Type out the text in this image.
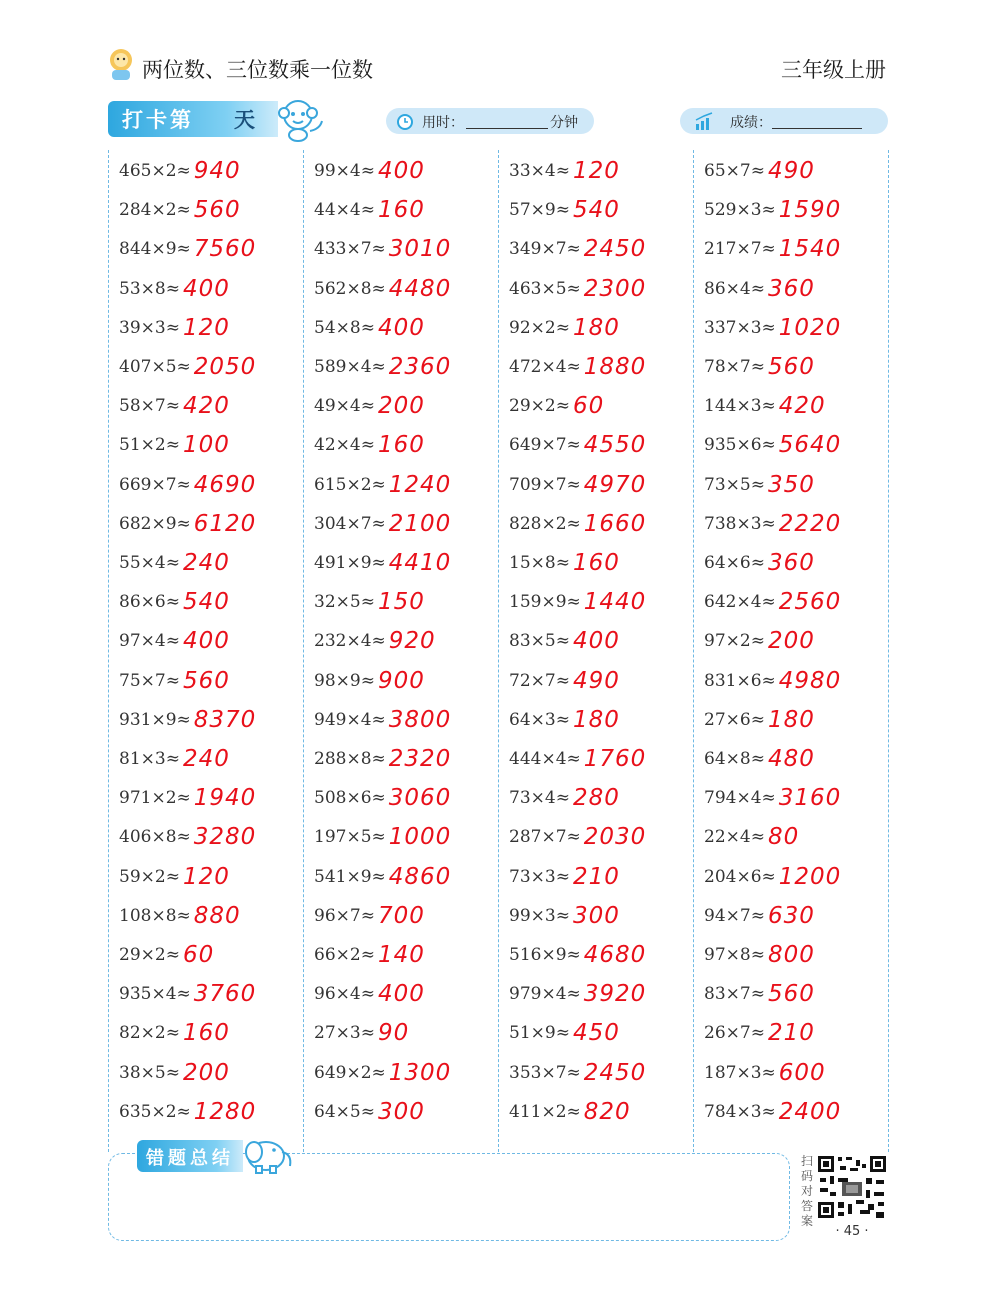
两位数、三位数乘一位数	三年级上册
打卡第 天	用时：	分钟	成绩：
465×2≈ 940
284×2≈ 560
844×9≈ 7560
53×8≈ 400
39×3≈ 120
407×5≈ 2050
58×7≈ 420
51×2≈ 100
669×7≈ 4690
682×9≈ 6120
55×4≈ 240
86×6≈ 540
97×4≈ 400
75×7≈ 560
931×9≈ 8370
81×3≈ 240
971×2≈ 1940
406×8≈ 3280
59×2≈ 120
108×8≈ 880
29×2≈ 60
935×4≈ 3760
82×2≈ 160
38×5≈ 200
635×2≈ 1280
99×4≈ 400
44×4≈ 160
433×7≈ 3010
562×8≈ 4480
54×8≈ 400
589×4≈ 2360
49×4≈ 200
42×4≈ 160
615×2≈ 1240
304×7≈ 2100
491×9≈ 4410
32×5≈ 150
232×4≈ 920
98×9≈ 900
949×4≈ 3800
288×8≈ 2320
508×6≈ 3060
197×5≈ 1000
541×9≈ 4860
96×7≈ 700
66×2≈ 140
96×4≈ 400
27×3≈ 90
649×2≈ 1300
64×5≈ 300
33×4≈ 120
57×9≈ 540
349×7≈ 2450
463×5≈ 2300
92×2≈ 180
472×4≈ 1880
29×2≈ 60
649×7≈ 4550
709×7≈ 4970
828×2≈ 1660
15×8≈ 160
159×9≈ 1440
83×5≈ 400
72×7≈ 490
64×3≈ 180
444×4≈ 1760
73×4≈ 280
287×7≈ 2030
73×3≈ 210
99×3≈ 300
516×9≈ 4680
979×4≈ 3920
51×9≈ 450
353×7≈ 2450
411×2≈ 820
65×7≈ 490
529×3≈ 1590
217×7≈ 1540
86×4≈ 360
337×3≈ 1020
78×7≈ 560
144×3≈ 420
935×6≈ 5640
73×5≈ 350
738×3≈ 2220
64×6≈ 360
642×4≈ 2560
97×2≈ 200
831×6≈ 4980
27×6≈ 180
64×8≈ 480
794×4≈ 3160
22×4≈ 80
204×6≈ 1200
94×7≈ 630
97×8≈ 800
83×7≈ 560
26×7≈ 210
187×3≈ 600
784×3≈ 2400
错题总结	扫码对答案
· 45 ·
